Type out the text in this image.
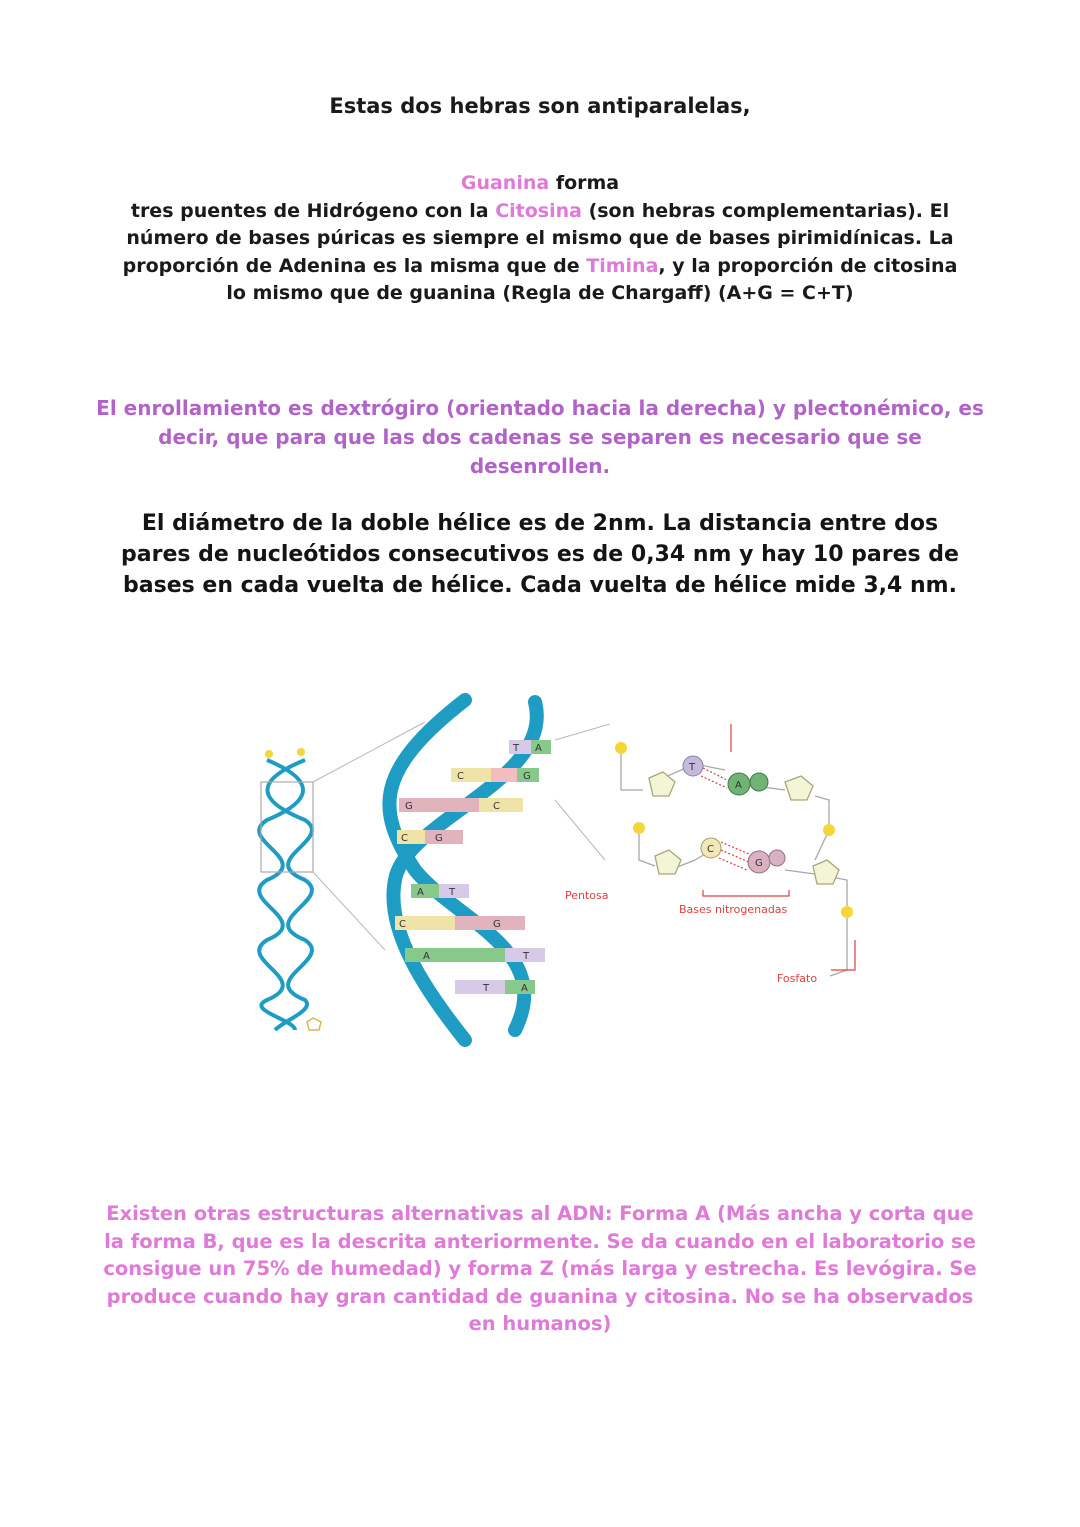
Estas dos hebras son antiparalelas,
Guanina forma
tres puentes de Hidrógeno con la Citosina (son hebras complementarias). El número de bases púricas es siempre el mismo que de bases pirimidínicas. La proporción de Adenina es la misma que de Timina, y la proporción de citosina lo mismo que de guanina (Regla de Chargaff) (A+G = C+T)
El enrollamiento es dextrógiro (orientado hacia la derecha) y plectonémico, es decir, que para que las dos cadenas se separen es necesario que se desenrollen.
El diámetro de la doble hélice es de 2nm. La distancia entre dos pares de nucleótidos consecutivos es de 0,34 nm y hay 10 pares de bases en cada vuelta de hélice. Cada vuelta de hélice mide 3,4 nm.
T A
C	G
G	C
C	G
A	T
C	G
A	T
T	A
T
A
C
G
Pentosa
Bases nitrogenadas
Fosfato
Existen otras estructuras alternativas al ADN: Forma A (Más ancha y corta que la forma B, que es la descrita anteriormente. Se da cuando en el laboratorio se consigue un 75% de humedad) y forma Z (más larga y estrecha. Es levógira. Se produce cuando hay gran cantidad de guanina y citosina. No se ha observados en humanos)
